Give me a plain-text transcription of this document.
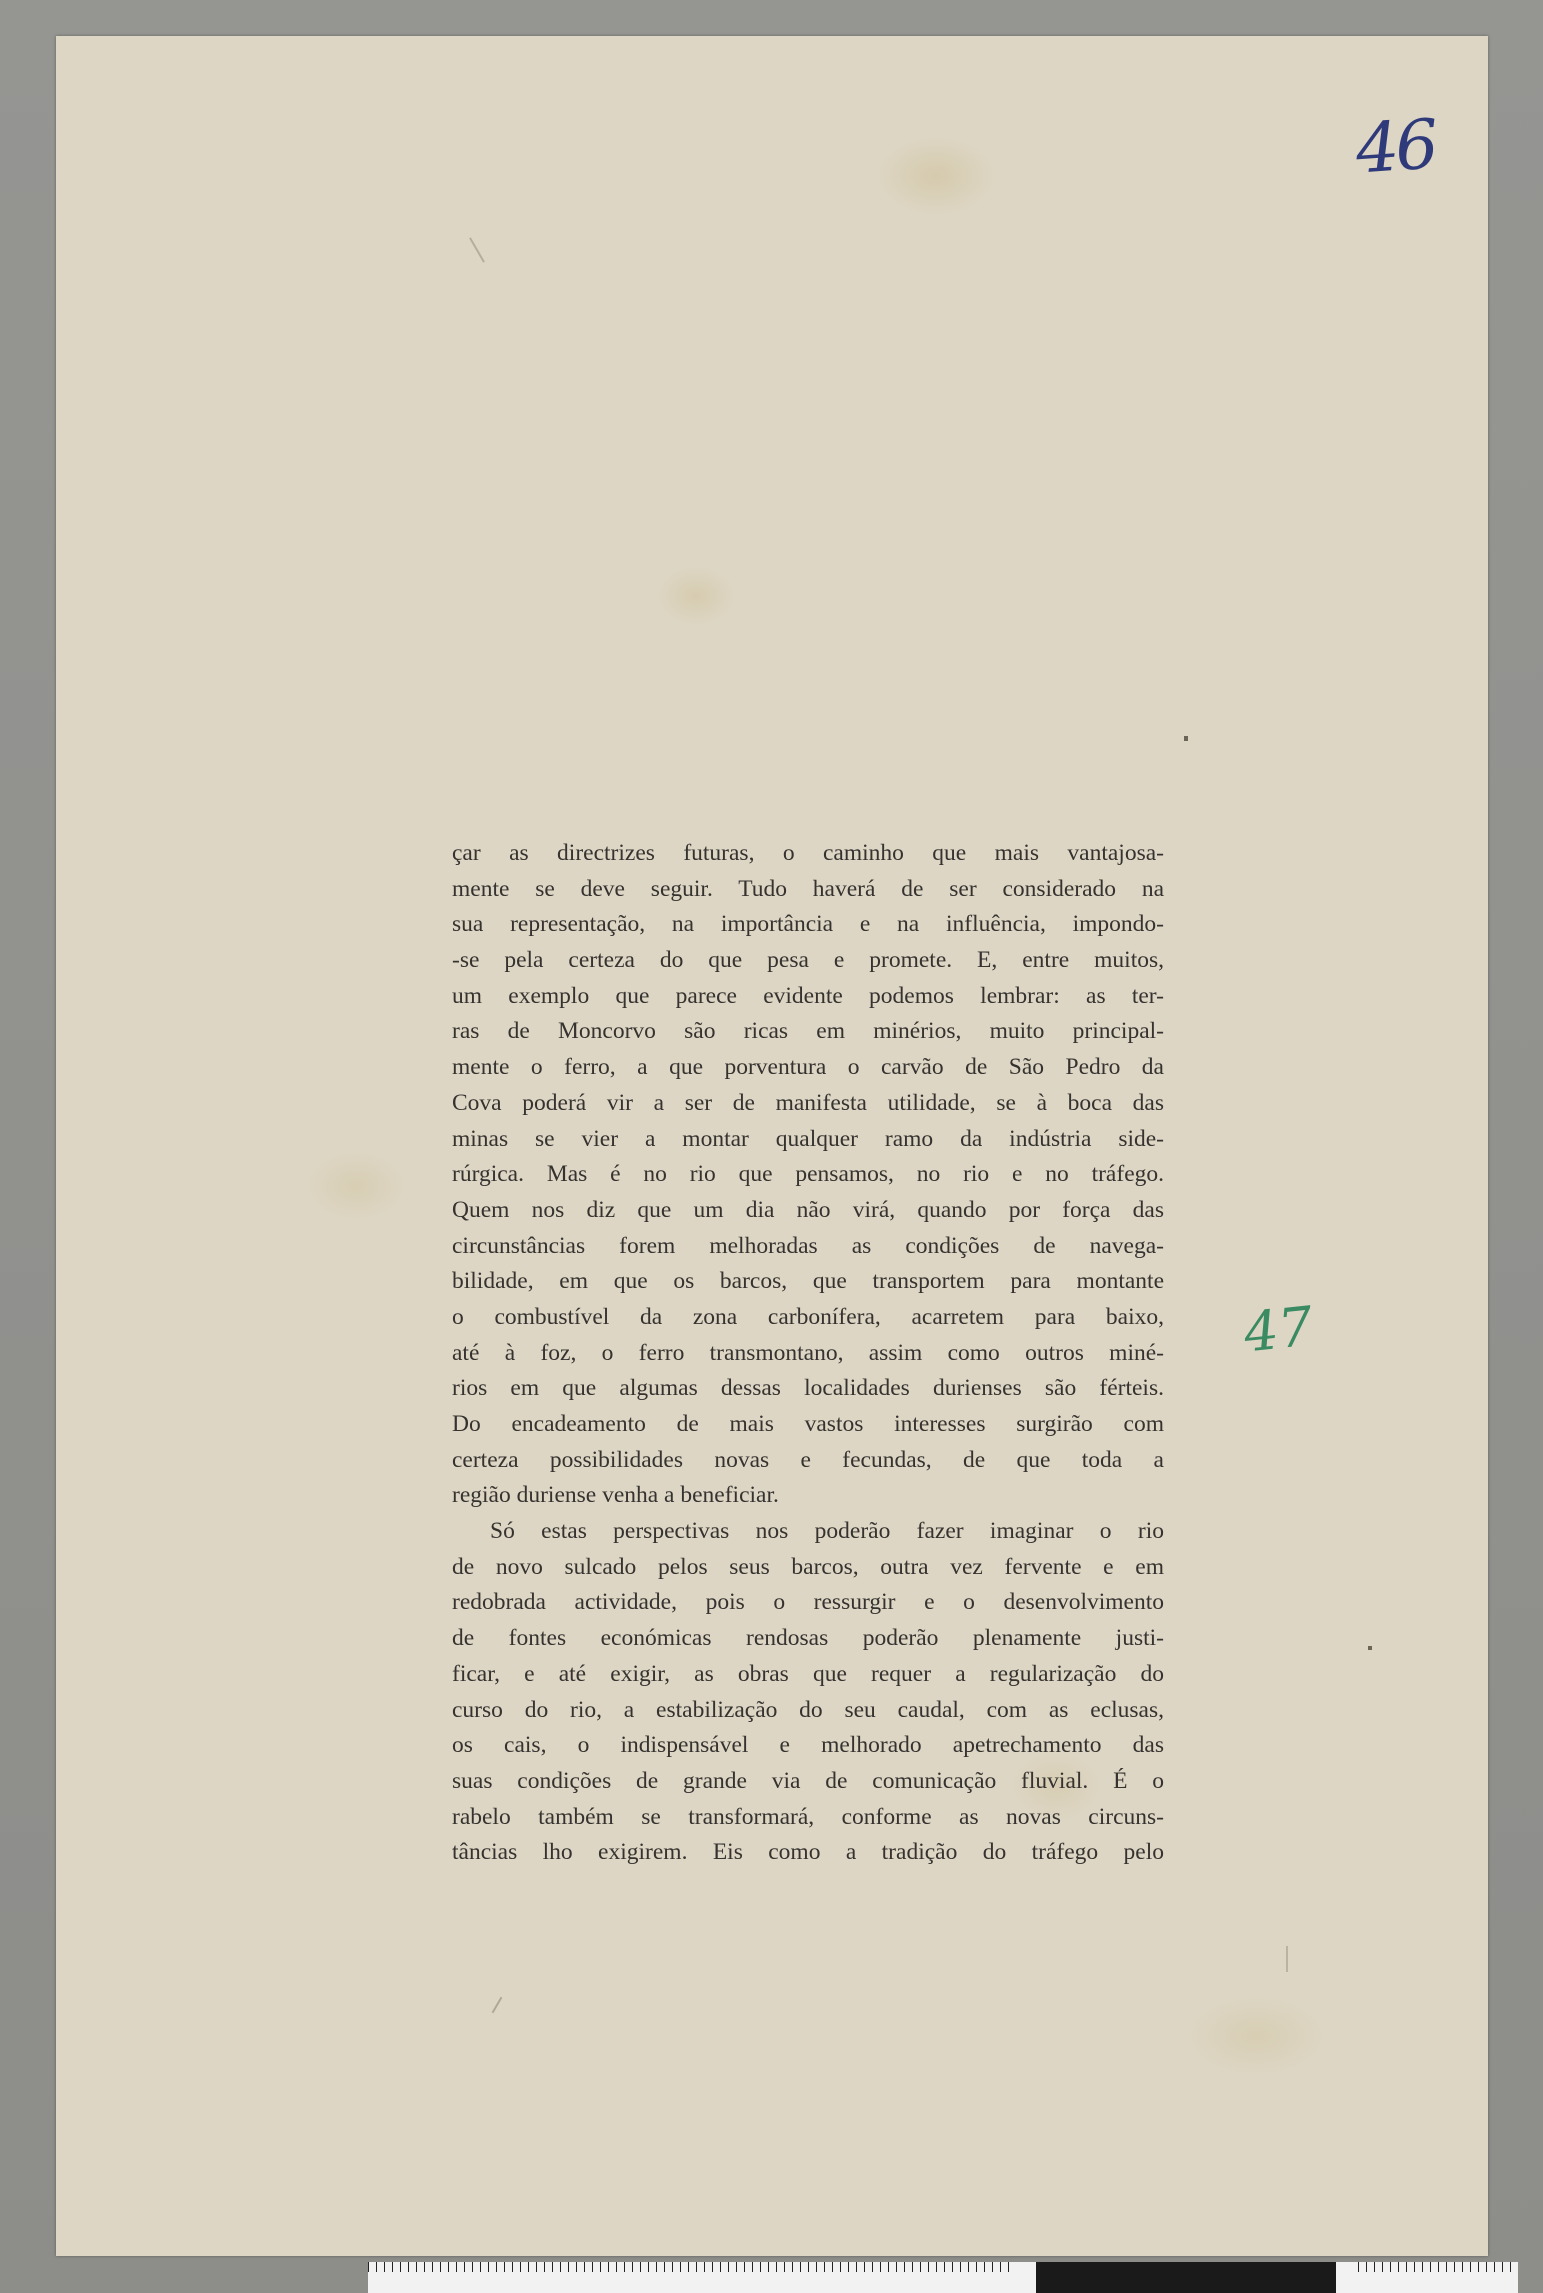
46
47
çar as directrizes futuras, o caminho que mais vantajosa-
mente se deve seguir. Tudo haverá de ser considerado na
sua representação, na importância e na influência, impondo-
-se pela certeza do que pesa e promete. E, entre muitos,
um exemplo que parece evidente podemos lembrar: as ter-
ras de Moncorvo são ricas em minérios, muito principal-
mente o ferro, a que porventura o carvão de São Pedro da
Cova poderá vir a ser de manifesta utilidade, se à boca das
minas se vier a montar qualquer ramo da indústria side-
rúrgica. Mas é no rio que pensamos, no rio e no tráfego.
Quem nos diz que um dia não virá, quando por força das
circunstâncias forem melhoradas as condições de navega-
bilidade, em que os barcos, que transportem para montante
o combustível da zona carbonífera, acarretem para baixo,
até à foz, o ferro transmontano, assim como outros miné-
rios em que algumas dessas localidades durienses são férteis.
Do encadeamento de mais vastos interesses surgirão com
certeza possibilidades novas e fecundas, de que toda a
região duriense venha a beneficiar.
Só estas perspectivas nos poderão fazer imaginar o rio
de novo sulcado pelos seus barcos, outra vez fervente e em
redobrada actividade, pois o ressurgir e o desenvolvimento
de fontes económicas rendosas poderão plenamente justi-
ficar, e até exigir, as obras que requer a regularização do
curso do rio, a estabilização do seu caudal, com as eclusas,
os cais, o indispensável e melhorado apetrechamento das
suas condições de grande via de comunicação fluvial. É o
rabelo também se transformará, conforme as novas circuns-
tâncias lho exigirem. Eis como a tradição do tráfego pelo
